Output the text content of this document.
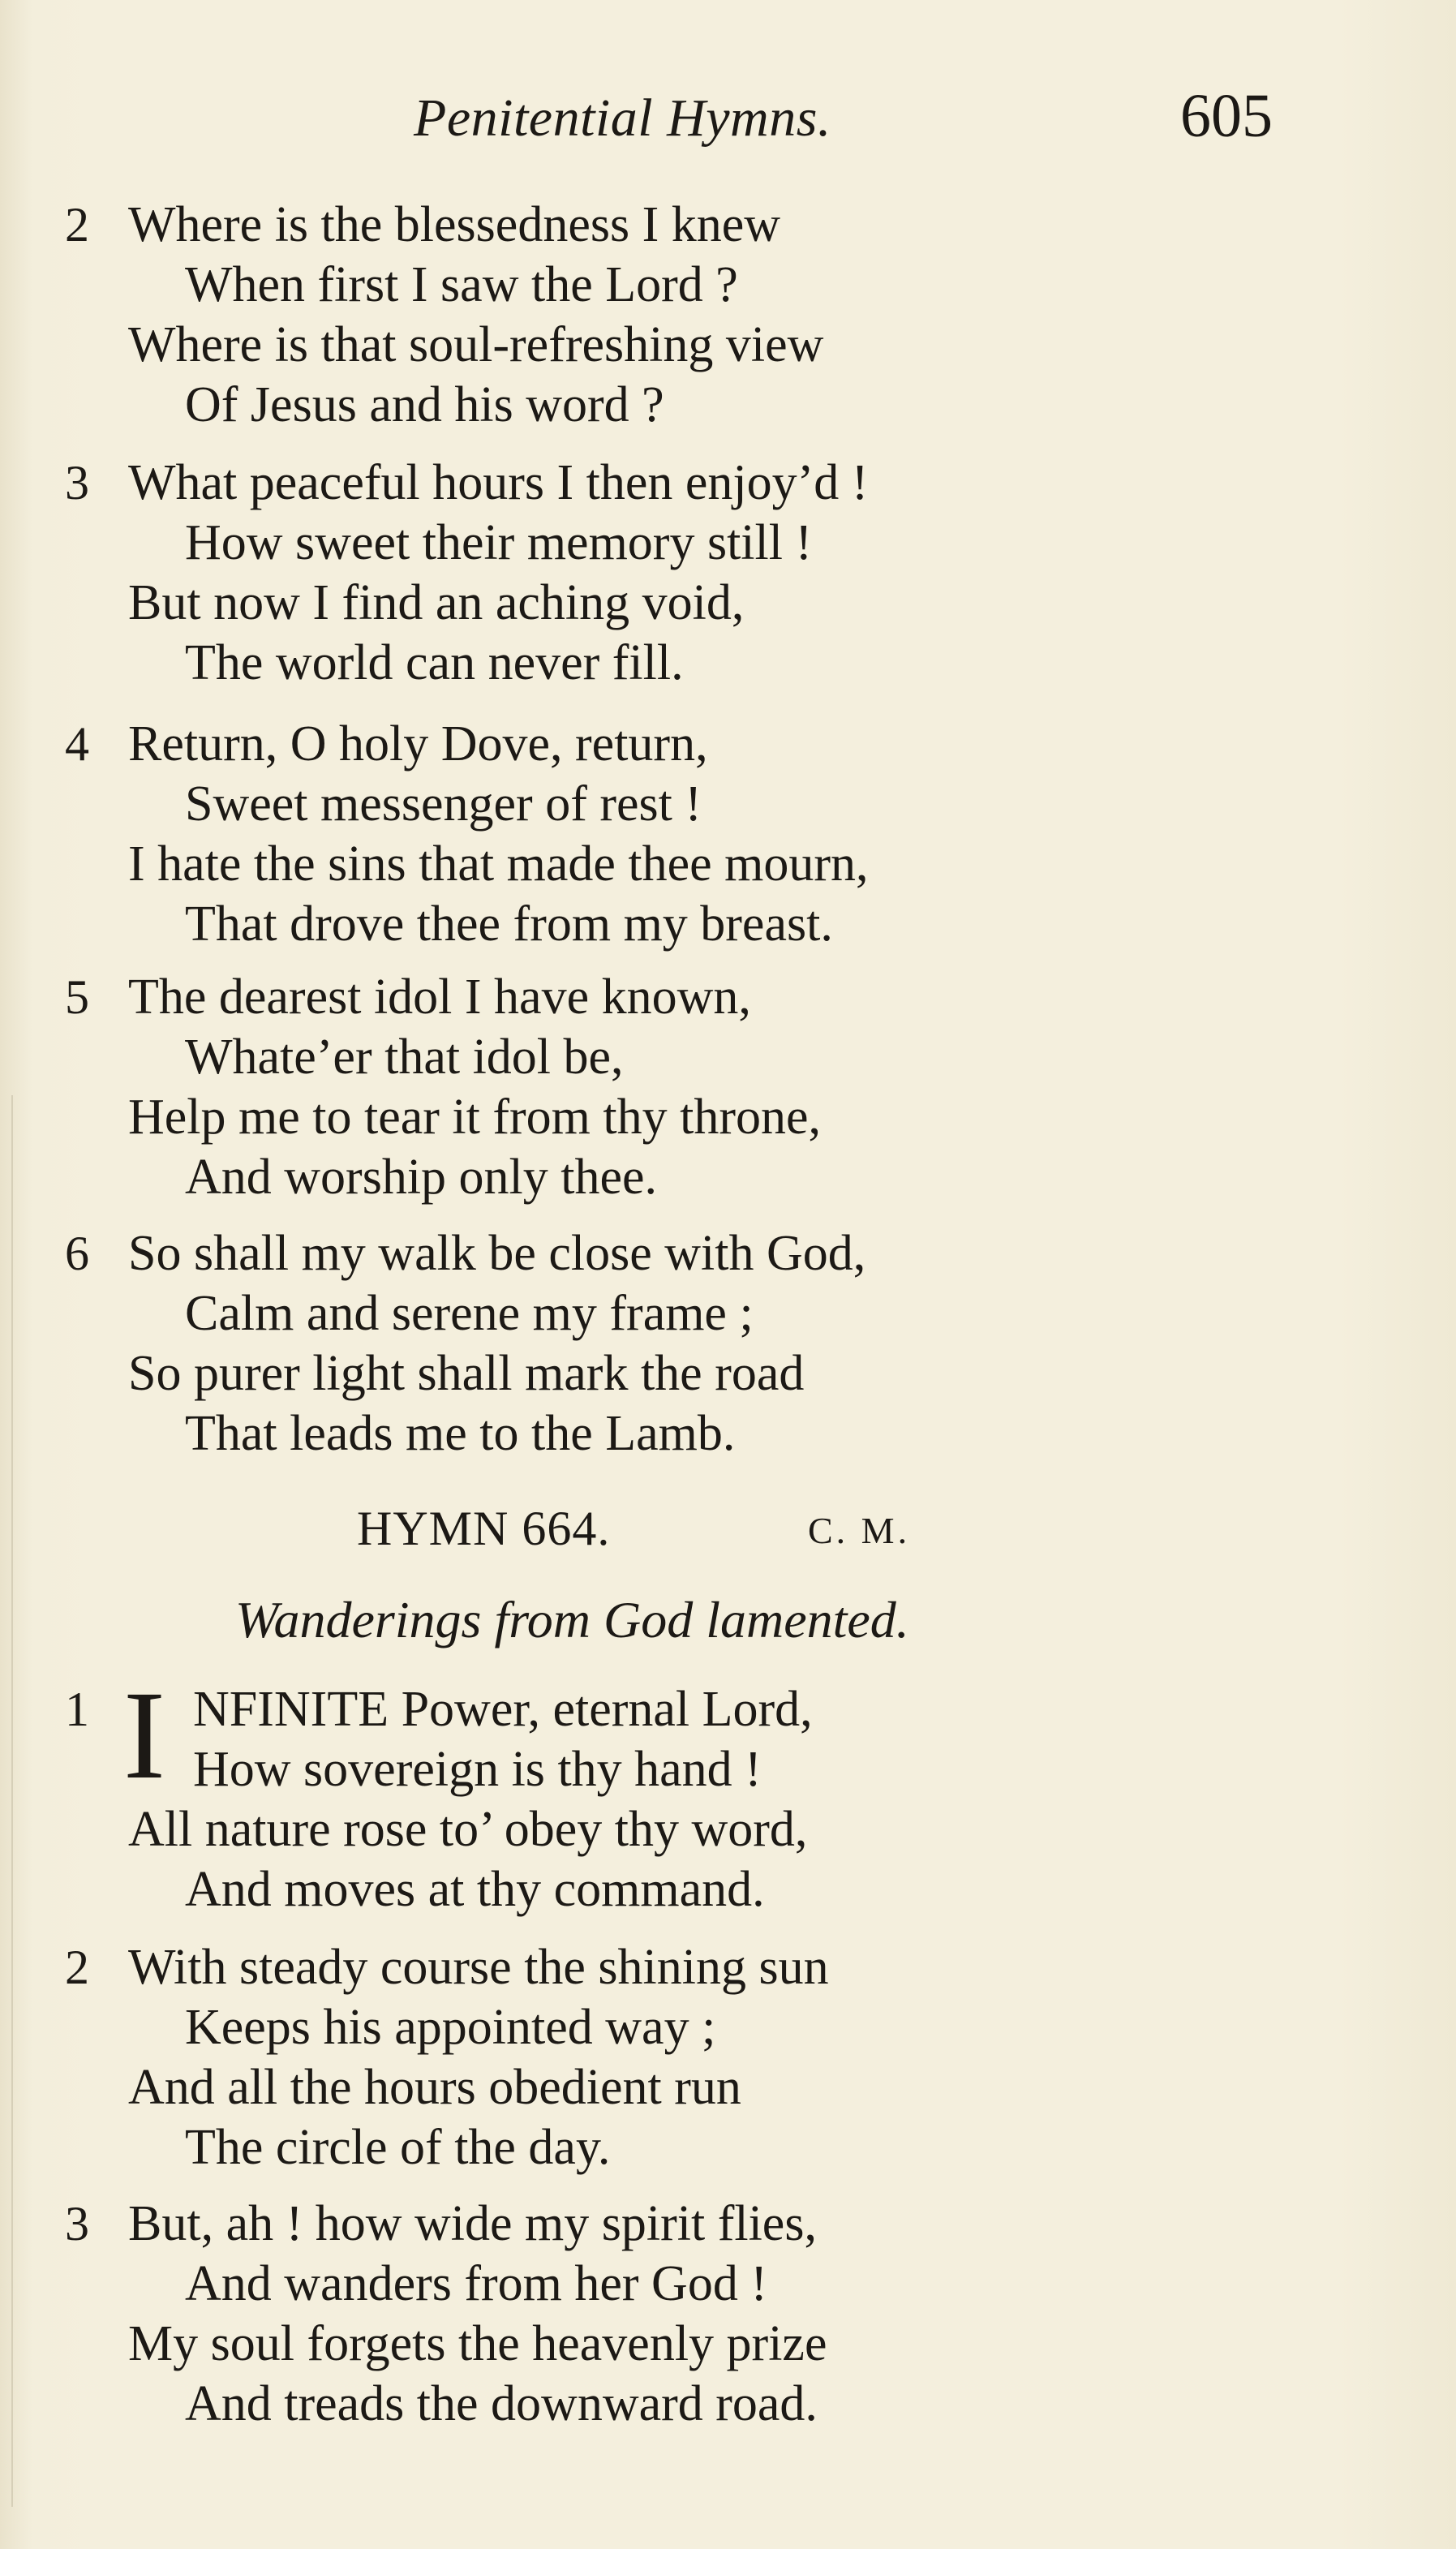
Penitential Hymns.	605
2 Where is the blessedness I knew
When first I saw the Lord ?
Where is that soul-refreshing view
Of Jesus and his word ?
3 What peaceful hours I then enjoy’d !
How sweet their memory still !
But now I find an aching void,
The world can never fill.
4 Return, O holy Dove, return,
Sweet messenger of rest !
I hate the sins that made thee mourn,
That drove thee from my breast.
5 The dearest idol I have known,
Whate’er that idol be,
Help me to tear it from thy throne,
And worship only thee.
6 So shall my walk be close with God,
Calm and serene my frame ;
So purer light shall mark the road
That leads me to the Lamb.
HYMN 664.	C. M.
Wanderings from God lamented.
1 I NFINITE Power, eternal Lord,
How sovereign is thy hand !
All nature rose to’ obey thy word,
And moves at thy command.
2 With steady course the shining sun
Keeps his appointed way ;
And all the hours obedient run
The circle of the day.
3 But, ah ! how wide my spirit flies,
And wanders from her God !
My soul forgets the heavenly prize
And treads the downward road.
